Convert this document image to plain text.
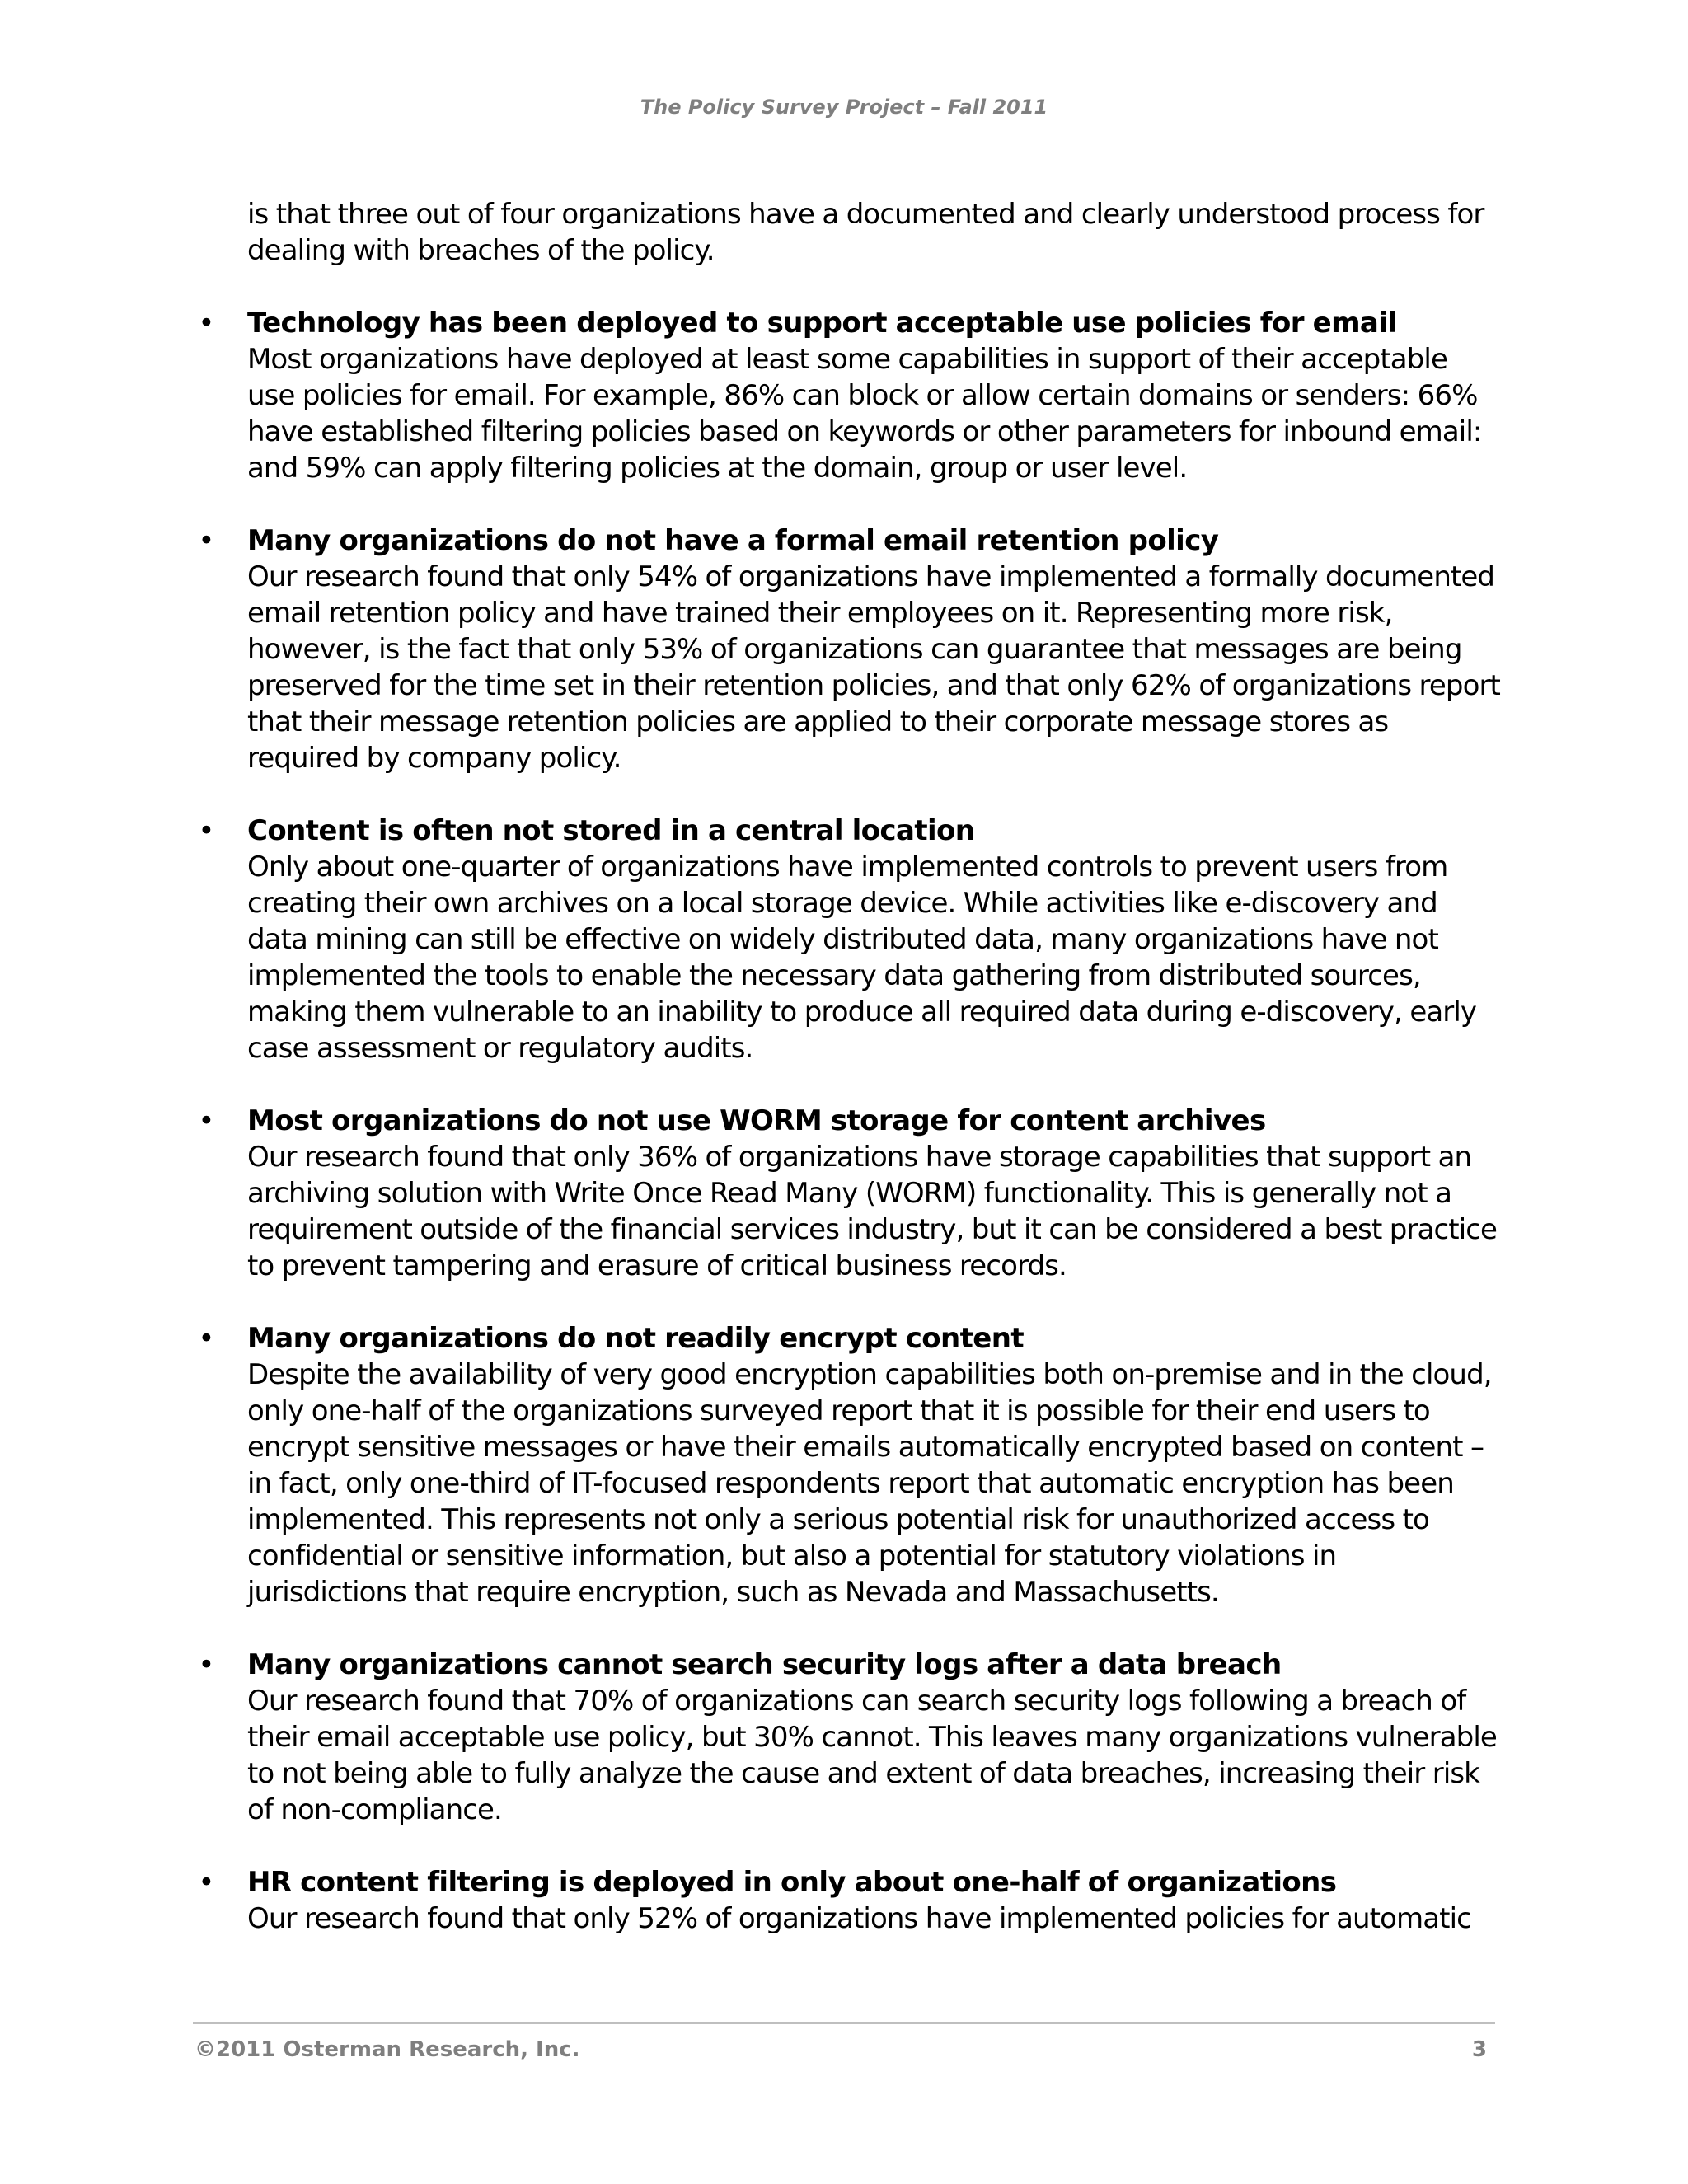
The Policy Survey Project – Fall 2011

is that three out of four organizations have a documented and clearly understood process for dealing with breaches of the policy.

• Technology has been deployed to support acceptable use policies for email
Most organizations have deployed at least some capabilities in support of their acceptable use policies for email. For example, 86% can block or allow certain domains or senders: 66% have established filtering policies based on keywords or other parameters for inbound email: and 59% can apply filtering policies at the domain, group or user level.
• Many organizations do not have a formal email retention policy
Our research found that only 54% of organizations have implemented a formally documented email retention policy and have trained their employees on it. Representing more risk, however, is the fact that only 53% of organizations can guarantee that messages are being preserved for the time set in their retention policies, and that only 62% of organizations report that their message retention policies are applied to their corporate message stores as required by company policy.
• Content is often not stored in a central location
Only about one-quarter of organizations have implemented controls to prevent users from creating their own archives on a local storage device. While activities like e-discovery and data mining can still be effective on widely distributed data, many organizations have not implemented the tools to enable the necessary data gathering from distributed sources, making them vulnerable to an inability to produce all required data during e-discovery, early case assessment or regulatory audits.
• Most organizations do not use WORM storage for content archives
Our research found that only 36% of organizations have storage capabilities that support an archiving solution with Write Once Read Many (WORM) functionality. This is generally not a requirement outside of the financial services industry, but it can be considered a best practice to prevent tampering and erasure of critical business records.
• Many organizations do not readily encrypt content
Despite the availability of very good encryption capabilities both on-premise and in the cloud, only one-half of the organizations surveyed report that it is possible for their end users to encrypt sensitive messages or have their emails automatically encrypted based on content – in fact, only one-third of IT-focused respondents report that automatic encryption has been implemented. This represents not only a serious potential risk for unauthorized access to confidential or sensitive information, but also a potential for statutory violations in jurisdictions that require encryption, such as Nevada and Massachusetts.
• Many organizations cannot search security logs after a data breach
Our research found that 70% of organizations can search security logs following a breach of their email acceptable use policy, but 30% cannot. This leaves many organizations vulnerable to not being able to fully analyze the cause and extent of data breaches, increasing their risk of non-compliance.
• HR content filtering is deployed in only about one-half of organizations
Our research found that only 52% of organizations have implemented policies for automatic
©2011 Osterman Research, Inc.	3
